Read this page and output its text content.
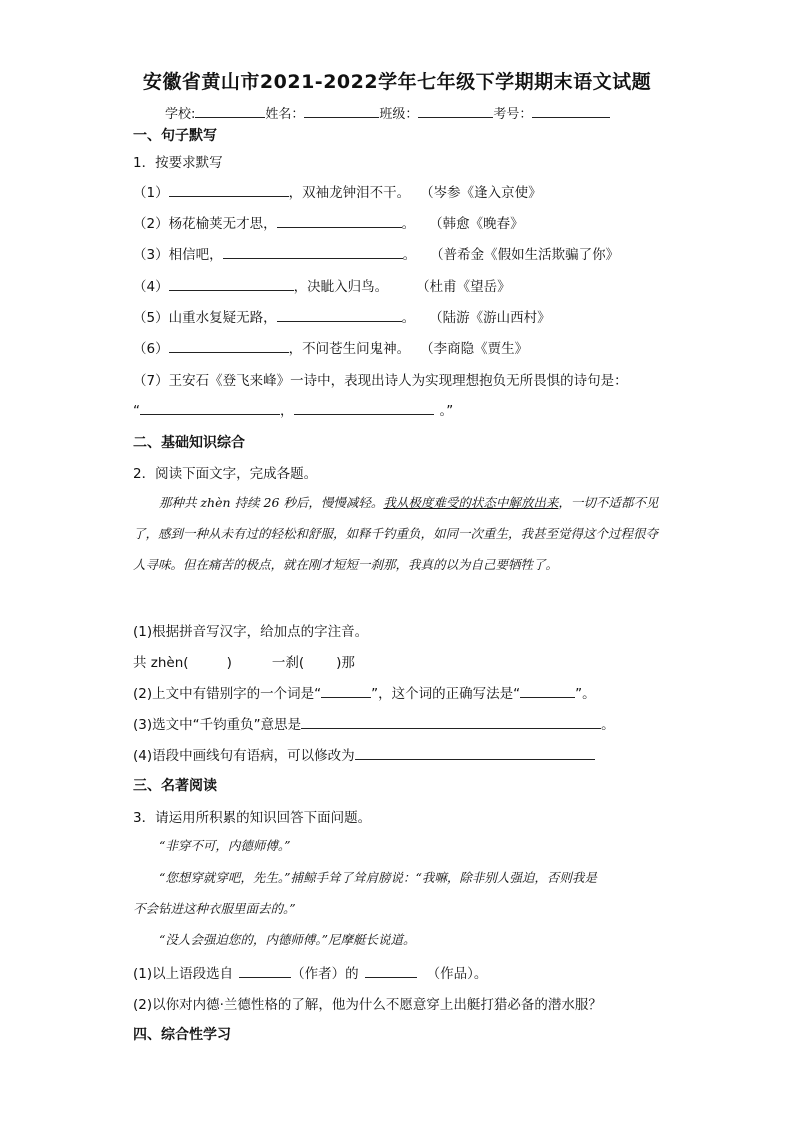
安徽省黄山市2021-2022学年七年级下学期期末语文试题
学校:	姓名：	班级：	考号：
一、句子默写
1．按要求默写
（1）	，双袖龙钟泪不干。 （岑参《逢入京使》
（2）杨花榆荚无才思，	。 （韩愈《晚春》
（3）相信吧，	。 （普希金《假如生活欺骗了你》
（4）	，决眦入归鸟。 （杜甫《望岳》
（5）山重水复疑无路，	。 （陆游《游山西村》
（6）	，不问苍生问鬼神。 （李商隐《贾生》
（7）王安石《登飞来峰》一诗中，表现出诗人为实现理想抱负无所畏惧的诗句是：
“	，	。”
二、基础知识综合
2．阅读下面文字，完成各题。
那种共 zhèn 持续 26 秒后，慢慢减轻。我从极度难受的状态中解放出来，一切不适都不见了，感到一种从未有过的轻松和舒服，如释千钓重负，如同一次重生，我甚至觉得这个过程很夺人寻味。但在痛苦的极点，就在刚才短短一刹那，我真的以为自己要牺牲了。
(1)根据拼音写汉字，给加点的字注音。
共 zhèn(	)	一刹( )那
(2)上文中有错别字的一个词是“	”，这个词的正确写法是“	”。
(3)选文中“千钧重负”意思是	。
(4)语段中画线句有语病，可以修改为
三、名著阅读
3．请运用所积累的知识回答下面问题。
“非穿不可，内德师傅。”
“您想穿就穿吧，先生。”捕鲸手耸了耸肩膀说：“我嘛，除非别人强迫，否则我是
不会钻进这种衣服里面去的。”
“没人会强迫您的，内德师傅。”尼摩艇长说道。
(1)以上语段选自	（作者）的	（作品）。
(2)以你对内德·兰德性格的了解，他为什么不愿意穿上出艇打猎必备的潜水服？
四、综合性学习
